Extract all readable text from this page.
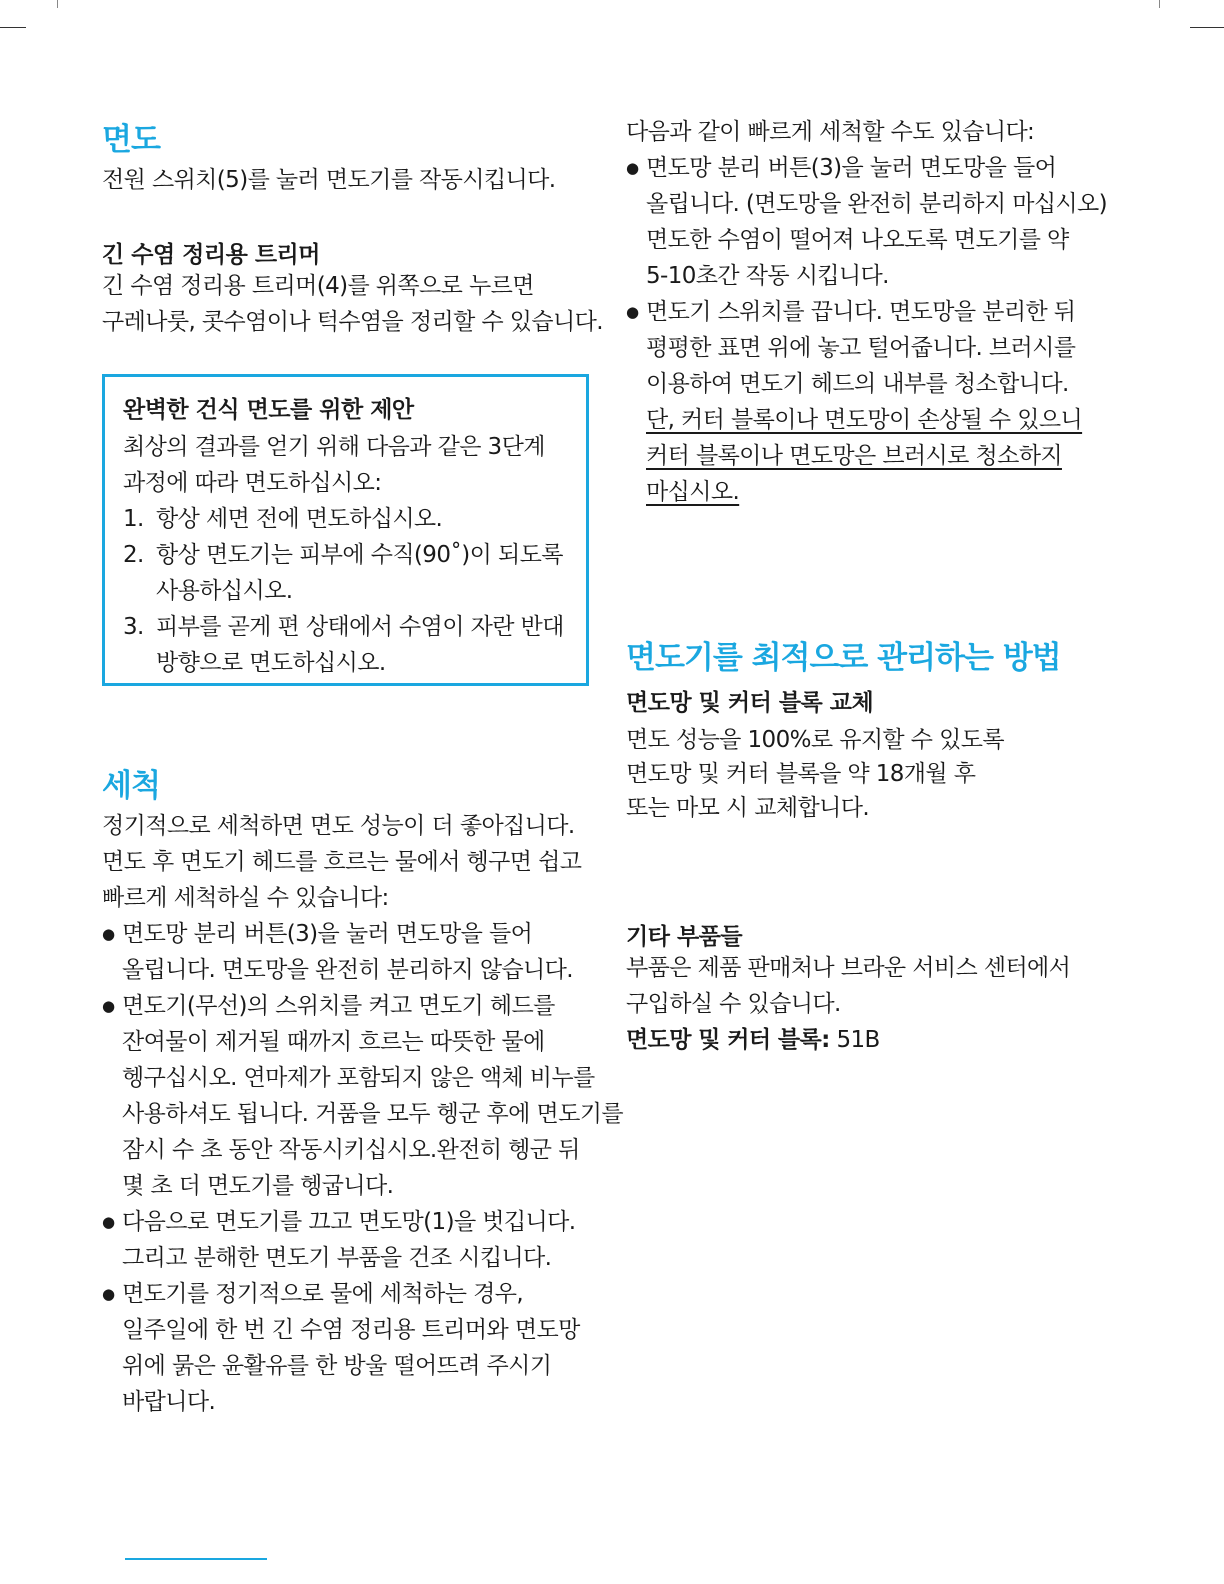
면도

전원 스위치(5)를 눌러 면도기를 작동시킵니다.

긴 수염 정리용 트리머

긴 수염 정리용 트리머(4)를 위쪽으로 누르면

구레나룻, 콧수염이나 턱수염을 정리할 수 있습니다.

완벽한 건식 면도를 위한 제안
최상의 결과를 얻기 위해 다음과 같은 3단계
과정에 따라 면도하십시오:
1. 항상 세면 전에 면도하십시오.
2. 항상 면도기는 피부에 수직(90˚)이 되도록
사용하십시오.
3. 피부를 곧게 편 상태에서 수염이 자란 반대
방향으로 면도하십시오.
세척

정기적으로 세척하면 면도 성능이 더 좋아집니다.

면도 후 면도기 헤드를 흐르는 물에서 헹구면 쉽고

빠르게 세척하실 수 있습니다:

● 면도망 분리 버튼(3)을 눌러 면도망을 들어
올립니다. 면도망을 완전히 분리하지 않습니다.
● 면도기(무선)의 스위치를 켜고 면도기 헤드를
잔여물이 제거될 때까지 흐르는 따뜻한 물에
헹구십시오. 연마제가 포함되지 않은 액체 비누를
사용하셔도 됩니다. 거품을 모두 헹군 후에 면도기를
잠시 수 초 동안 작동시키십시오.완전히 헹군 뒤
몇 초 더 면도기를 헹굽니다.
● 다음으로 면도기를 끄고 면도망(1)을 벗깁니다.
그리고 분해한 면도기 부품을 건조 시킵니다.
● 면도기를 정기적으로 물에 세척하는 경우,
일주일에 한 번 긴 수염 정리용 트리머와 면도망
위에 묽은 윤활유를 한 방울 떨어뜨려 주시기
바랍니다.

다음과 같이 빠르게 세척할 수도 있습니다:

● 면도망 분리 버튼(3)을 눌러 면도망을 들어
올립니다. (면도망을 완전히 분리하지 마십시오)
면도한 수염이 떨어져 나오도록 면도기를 약
5-10초간 작동 시킵니다.
● 면도기 스위치를 끕니다. 면도망을 분리한 뒤
평평한 표면 위에 놓고 털어줍니다. 브러시를
이용하여 면도기 헤드의 내부를 청소합니다.
단, 커터 블록이나 면도망이 손상될 수 있으니
커터 블록이나 면도망은 브러시로 청소하지
마십시오.
면도기를 최적으로 관리하는 방법
면도망 및 커터 블록 교체

면도 성능을 100%로 유지할 수 있도록

면도망 및 커터 블록을 약 18개월 후

또는 마모 시 교체합니다.

기타 부품들

부품은 제품 판매처나 브라운 서비스 센터에서

구입하실 수 있습니다.

면도망 및 커터 블록: 51B
